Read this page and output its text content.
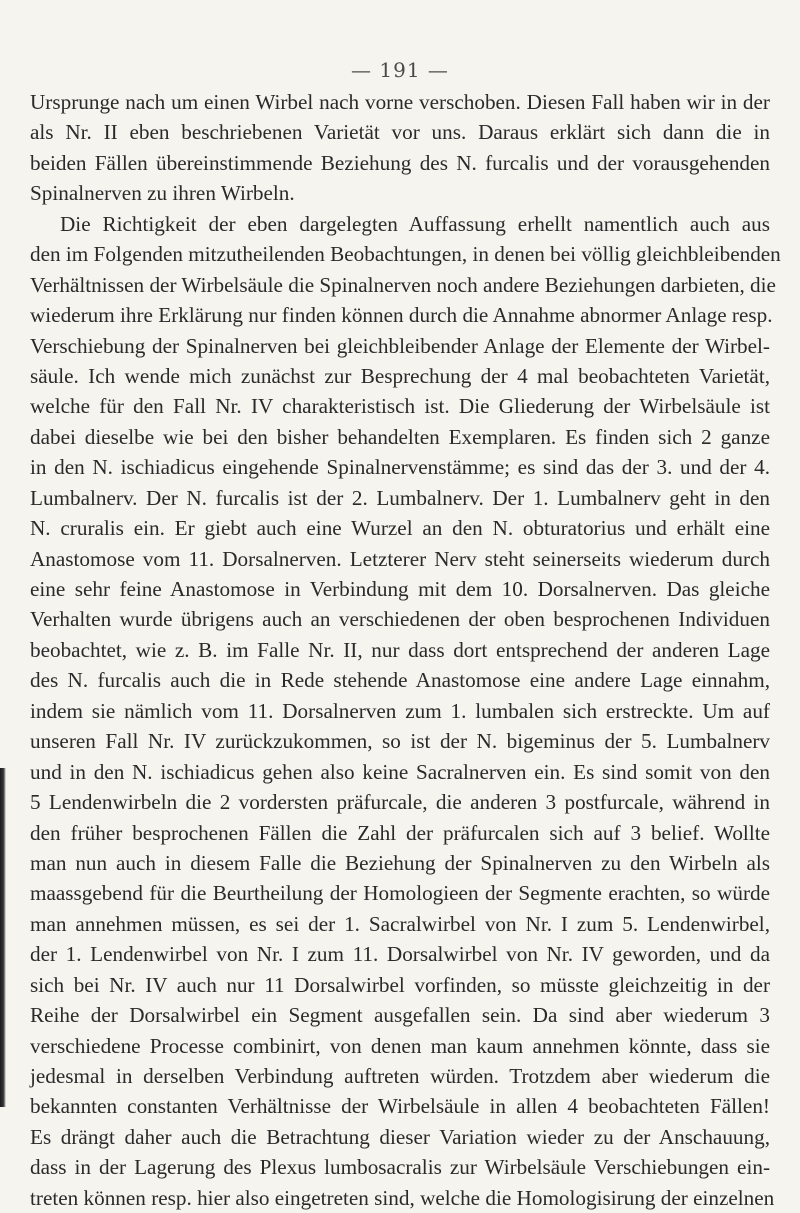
— 191 —
Ursprunge nach um einen Wirbel nach vorne verschoben. Diesen Fall haben wir in der
als Nr. II eben beschriebenen Varietät vor uns. Daraus erklärt sich dann die in
beiden Fällen übereinstimmende Beziehung des N. furcalis und der vorausgehenden
Spinalnerven zu ihren Wirbeln.
Die Richtigkeit der eben dargelegten Auffassung erhellt namentlich auch aus
den im Folgenden mitzutheilenden Beobachtungen, in denen bei völlig gleichbleibenden
Verhältnissen der Wirbelsäule die Spinalnerven noch andere Beziehungen darbieten, die
wiederum ihre Erklärung nur finden können durch die Annahme abnormer Anlage resp.
Verschiebung der Spinalnerven bei gleichbleibender Anlage der Elemente der Wirbel-
säule. Ich wende mich zunächst zur Besprechung der 4 mal beobachteten Varietät,
welche für den Fall Nr. IV charakteristisch ist. Die Gliederung der Wirbelsäule ist
dabei dieselbe wie bei den bisher behandelten Exemplaren. Es finden sich 2 ganze
in den N. ischiadicus eingehende Spinalnervenstämme; es sind das der 3. und der 4.
Lumbalnerv. Der N. furcalis ist der 2. Lumbalnerv. Der 1. Lumbalnerv geht in den
N. cruralis ein. Er giebt auch eine Wurzel an den N. obturatorius und erhält eine
Anastomose vom 11. Dorsalnerven. Letzterer Nerv steht seinerseits wiederum durch
eine sehr feine Anastomose in Verbindung mit dem 10. Dorsalnerven. Das gleiche
Verhalten wurde übrigens auch an verschiedenen der oben besprochenen Individuen
beobachtet, wie z. B. im Falle Nr. II, nur dass dort entsprechend der anderen Lage
des N. furcalis auch die in Rede stehende Anastomose eine andere Lage einnahm,
indem sie nämlich vom 11. Dorsalnerven zum 1. lumbalen sich erstreckte. Um auf
unseren Fall Nr. IV zurückzukommen, so ist der N. bigeminus der 5. Lumbalnerv
und in den N. ischiadicus gehen also keine Sacralnerven ein. Es sind somit von den
5 Lendenwirbeln die 2 vordersten präfurcale, die anderen 3 postfurcale, während in
den früher besprochenen Fällen die Zahl der präfurcalen sich auf 3 belief. Wollte
man nun auch in diesem Falle die Beziehung der Spinalnerven zu den Wirbeln als
maassgebend für die Beurtheilung der Homologieen der Segmente erachten, so würde
man annehmen müssen, es sei der 1. Sacralwirbel von Nr. I zum 5. Lendenwirbel,
der 1. Lendenwirbel von Nr. I zum 11. Dorsalwirbel von Nr. IV geworden, und da
sich bei Nr. IV auch nur 11 Dorsalwirbel vorfinden, so müsste gleichzeitig in der
Reihe der Dorsalwirbel ein Segment ausgefallen sein. Da sind aber wiederum 3
verschiedene Processe combinirt, von denen man kaum annehmen könnte, dass sie
jedesmal in derselben Verbindung auftreten würden. Trotzdem aber wiederum die
bekannten constanten Verhältnisse der Wirbelsäule in allen 4 beobachteten Fällen!
Es drängt daher auch die Betrachtung dieser Variation wieder zu der Anschauung,
dass in der Lagerung des Plexus lumbosacralis zur Wirbelsäule Verschiebungen ein-
treten können resp. hier also eingetreten sind, welche die Homologisirung der einzelnen
